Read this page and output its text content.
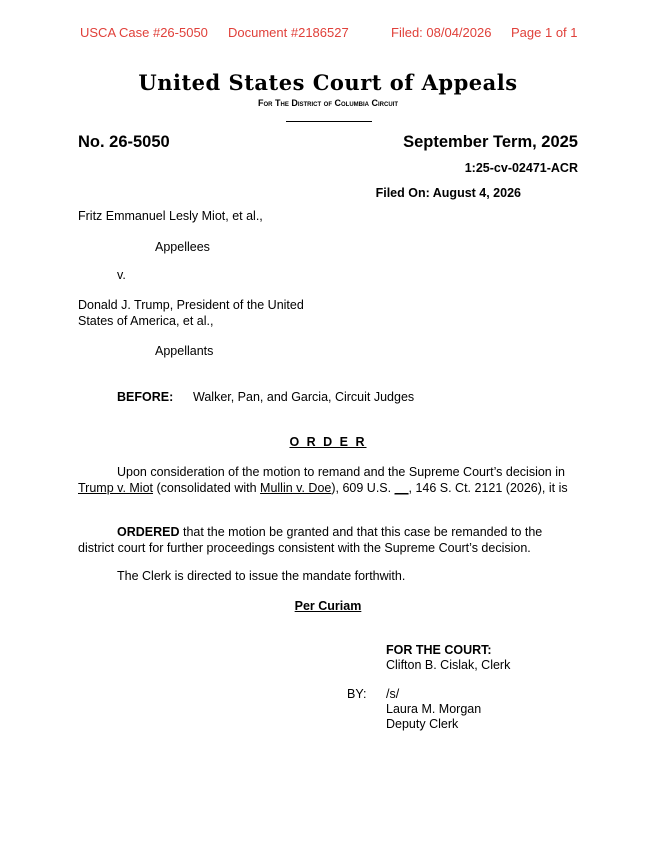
USCA Case #26-5050 Document #2186527	Filed: 08/04/2026 Page 1 of 1
United States Court of Appeals
For The District of Columbia Circuit
No. 26-5050	September Term, 2025
1:25-cv-02471-ACR
Filed On: August 4, 2026
Fritz Emmanuel Lesly Miot, et al.,
Appellees
v.
Donald J. Trump, President of the United
States of America, et al.,
Appellants
BEFORE: Walker, Pan, and Garcia, Circuit Judges
O R D E R
Upon consideration of the motion to remand and the Supreme Court’s decision in Trump v. Miot (consolidated with Mullin v. Doe), 609 U.S. __, 146 S. Ct. 2121 (2026), it is
ORDERED that the motion be granted and that this case be remanded to the district court for further proceedings consistent with the Supreme Court’s decision.
The Clerk is directed to issue the mandate forthwith.
Per Curiam
FOR THE COURT:
Clifton B. Cislak, Clerk
BY: /s/
Laura M. Morgan
Deputy Clerk
